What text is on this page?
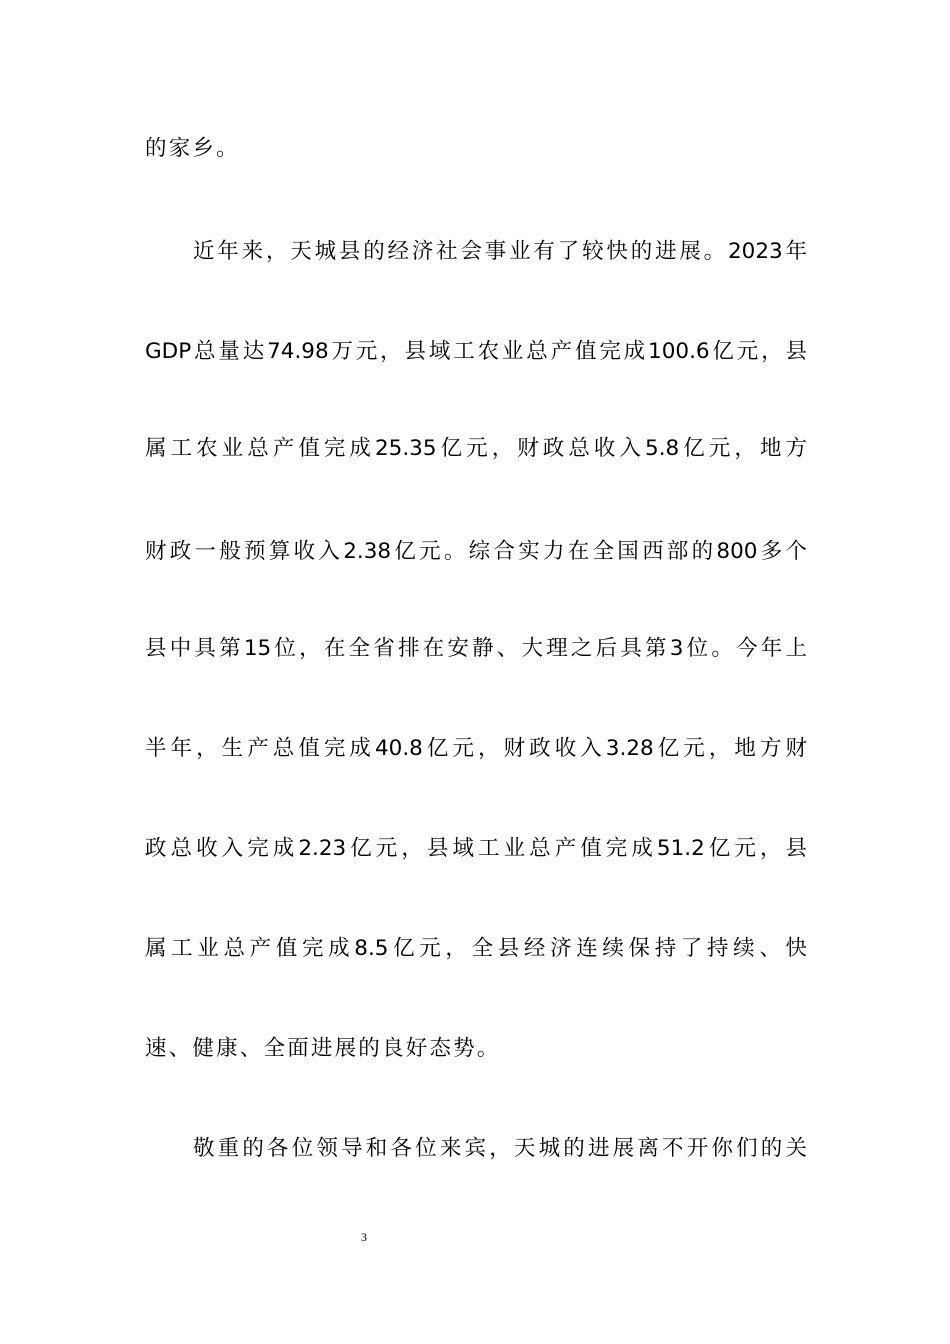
的家乡。
近年来，天城县的经济社会事业有了较快的进展。2023年
GDP总量达74.98万元，县域工农业总产值完成100.6亿元，县
属工农业总产值完成25.35亿元，财政总收入5.8亿元，地方
财政一般预算收入2.38亿元。综合实力在全国西部的800多个
县中具第15位，在全省排在安静、大理之后具第3位。今年上
半年，生产总值完成40.8亿元，财政收入3.28亿元，地方财
政总收入完成2.23亿元，县域工业总产值完成51.2亿元，县
属工业总产值完成8.5亿元，全县经济连续保持了持续、快
速、健康、全面进展的良好态势。
敬重的各位领导和各位来宾，天城的进展离不开你们的关
3
